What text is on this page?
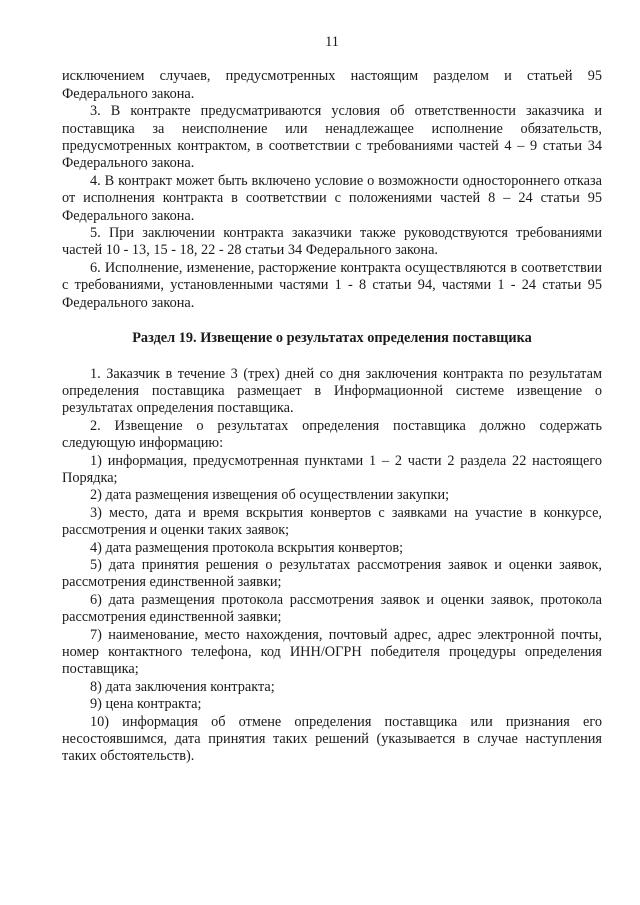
11

исключением случаев, предусмотренных настоящим разделом и статьей 95 Федерального закона.

3. В контракте предусматриваются условия об ответственности заказчика и поставщика за неисполнение или ненадлежащее исполнение обязательств, предусмотренных контрактом, в соответствии с требованиями частей 4 – 9 статьи 34 Федерального закона.

4. В контракт может быть включено условие о возможности одностороннего отказа от исполнения контракта в соответствии с положениями частей 8 – 24 статьи 95 Федерального закона.

5. При заключении контракта заказчики также руководствуются требованиями частей 10 - 13, 15 - 18, 22 - 28 статьи 34 Федерального закона.

6. Исполнение, изменение, расторжение контракта осуществляются в соответствии с требованиями, установленными частями 1 - 8 статьи 94, частями 1 - 24 статьи 95 Федерального закона.

Раздел 19. Извещение о результатах определения поставщика

1. Заказчик в течение 3 (трех) дней со дня заключения контракта по результатам определения поставщика размещает в Информационной системе извещение о результатах определения поставщика.

2. Извещение о результатах определения поставщика должно содержать следующую информацию:

1) информация, предусмотренная пунктами 1 – 2 части 2 раздела 22 настоящего Порядка;

2) дата размещения извещения об осуществлении закупки;

3) место, дата и время вскрытия конвертов с заявками на участие в конкурсе, рассмотрения и оценки таких заявок;

4) дата размещения протокола вскрытия конвертов;

5) дата принятия решения о результатах рассмотрения заявок и оценки заявок, рассмотрения единственной заявки;

6) дата размещения протокола рассмотрения заявок и оценки заявок, протокола рассмотрения единственной заявки;

7) наименование, место нахождения, почтовый адрес, адрес электронной почты, номер контактного телефона, код ИНН/ОГРН победителя процедуры определения поставщика;

8) дата заключения контракта;

9) цена контракта;

10) информация об отмене определения поставщика или признания его несостоявшимся, дата принятия таких решений (указывается в случае наступления таких обстоятельств).
